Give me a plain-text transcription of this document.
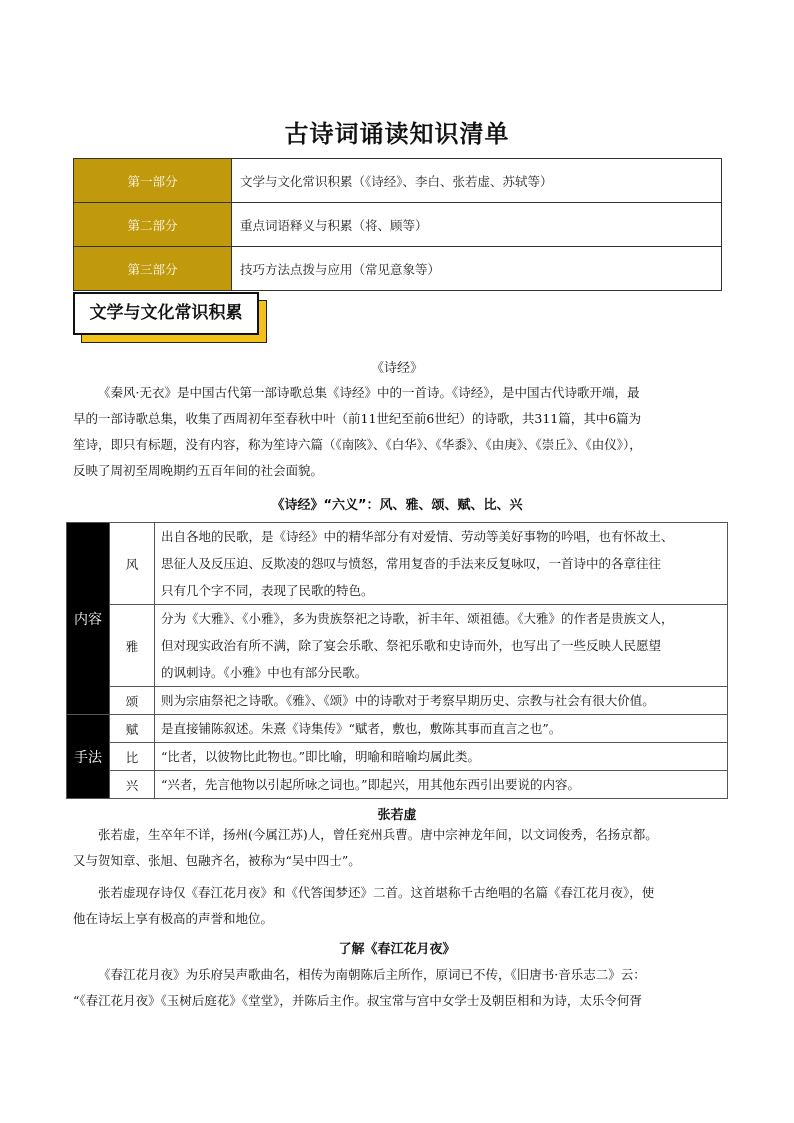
古诗词诵读知识清单
第一部分	文学与文化常识积累（《诗经》、李白、张若虚、苏轼等）
第二部分	重点词语释义与积累（将、顾等）
第三部分	技巧方法点拨与应用（常见意象等）
文学与文化常识积累
《诗经》
《秦风·无衣》是中国古代第一部诗歌总集《诗经》中的一首诗。《诗经》，是中国古代诗歌开端，最
早的一部诗歌总集，收集了西周初年至春秋中叶（前11世纪至前6世纪）的诗歌，共311篇，其中6篇为
笙诗，即只有标题，没有内容，称为笙诗六篇（《南陔》、《白华》、《华黍》、《由庚》、《崇丘》、《由仪》），
反映了周初至周晚期约五百年间的社会面貌。
《诗经》“六义”：风、雅、颂、赋、比、兴
内容	风	出自各地的民歌，是《诗经》中的精华部分有对爱情、劳动等美好事物的吟唱，也有怀故土、
思征人及反压迫、反欺凌的怨叹与愤怒，常用复沓的手法来反复咏叹，一首诗中的各章往往
只有几个字不同，表现了民歌的特色。

	雅	分为《大雅》、《小雅》，多为贵族祭祀之诗歌，祈丰年、颂祖德。《大雅》的作者是贵族文人，
但对现实政治有所不满，除了宴会乐歌、祭祀乐歌和史诗而外，也写出了一些反映人民愿望
的讽刺诗。《小雅》中也有部分民歌。

	颂	则为宗庙祭祀之诗歌。《雅》、《颂》中的诗歌对于考察早期历史、宗教与社会有很大价值。

手法	赋	是直接铺陈叙述。朱熹《诗集传》“赋者，敷也，敷陈其事而直言之也”。

	比	“比者，以彼物比此物也。”即比喻，明喻和暗喻均属此类。

	兴	“兴者，先言他物以引起所咏之词也。”即起兴，用其他东西引出要说的内容。
张若虚
张若虚，生卒年不详，扬州(今属江苏)人，曾任兖州兵曹。唐中宗神龙年间，以文词俊秀，名扬京都。
又与贺知章、张旭、包融齐名，被称为“吴中四士”。
张若虚现存诗仅《春江花月夜》和《代答闺梦还》二首。这首堪称千古绝唱的名篇《春江花月夜》，使
他在诗坛上享有极高的声誉和地位。
了解《春江花月夜》
《春江花月夜》为乐府吴声歌曲名，相传为南朝陈后主所作，原词已不传，《旧唐书·音乐志二》云：
“《春江花月夜》《玉树后庭花》《堂堂》，并陈后主作。叔宝常与宫中女学士及朝臣相和为诗，太乐令何胥
